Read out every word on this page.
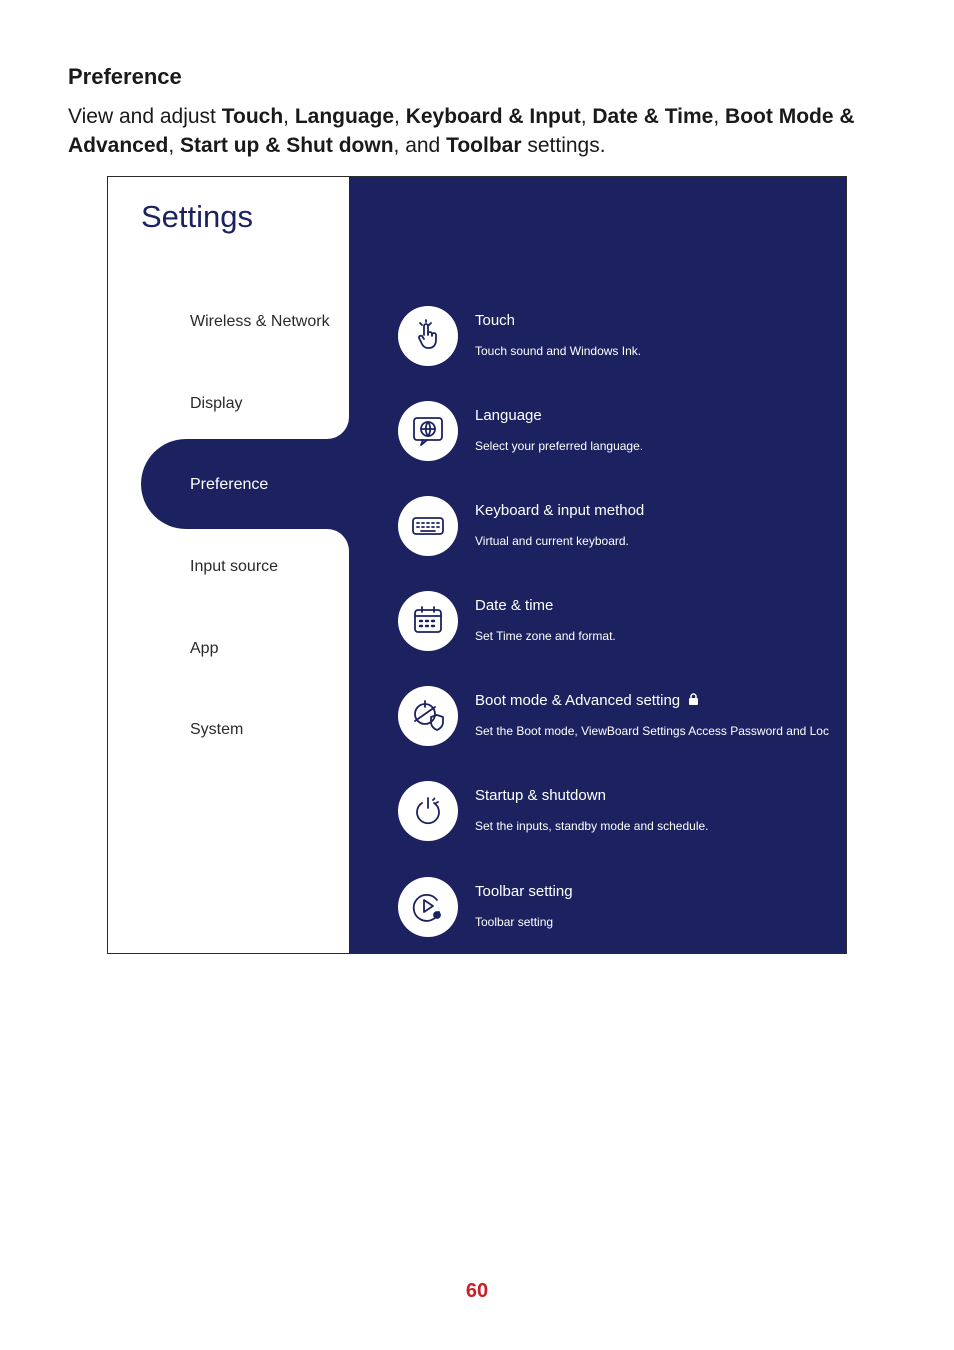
Preference

View and adjust Touch, Language, Keyboard & Input, Date & Time, Boot Mode & Advanced, Start up & Shut down, and Toolbar settings.

Settings
Wireless & Network
Display
Preference
Input source
App
System
Touch
Touch sound and Windows Ink.
Language
Select your preferred language.
Keyboard & input method
Virtual and current keyboard.
Date & time
Set Time zone and format.
Boot mode & Advanced setting
Set the Boot mode, ViewBoard Settings Access Password and Loc
Startup & shutdown
Set the inputs, standby mode and schedule.
Toolbar setting
Toolbar setting
60
